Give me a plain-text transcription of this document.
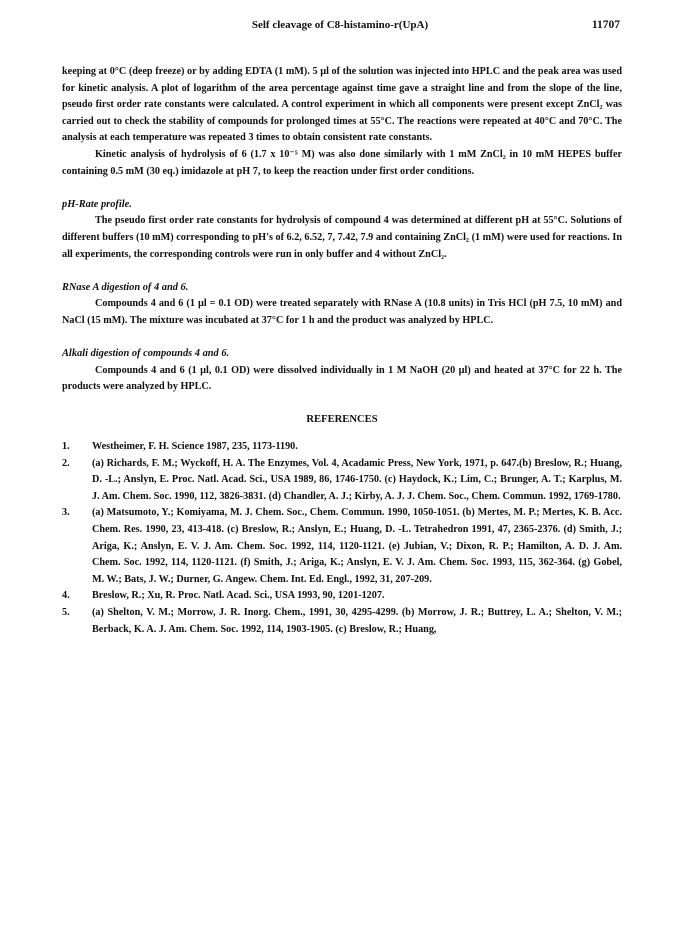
Self cleavage of C8-histamino-r(UpA)	11707

keeping at 0°C (deep freeze) or by adding EDTA (1 mM). 5 µl of the solution was injected into HPLC and the peak area was used for kinetic analysis. A plot of logarithm of the area percentage against time gave a straight line and from the slope of the line, pseudo first order rate constants were calculated. A control experiment in which all components were present except ZnCl₂ was carried out to check the stability of compounds for prolonged times at 55°C. The reactions were repeated at 40°C and 70°C. The analysis at each temperature was repeated 3 times to obtain consistent rate constants.

Kinetic analysis of hydrolysis of 6 (1.7 x 10⁻⁵ M) was also done similarly with 1 mM ZnCl₂ in 10 mM HEPES buffer containing 0.5 mM (30 eq.) imidazole at pH 7, to keep the reaction under first order conditions.

pH-Rate profile.

The pseudo first order rate constants for hydrolysis of compound 4 was determined at different pH at 55°C. Solutions of different buffers (10 mM) corresponding to pH's of 6.2, 6.52, 7, 7.42, 7.9 and containing ZnCl₂ (1 mM) were used for reactions. In all experiments, the corresponding controls were run in only buffer and 4 without ZnCl₂.

RNase A digestion of 4 and 6.

Compounds 4 and 6 (1 µl = 0.1 OD) were treated separately with RNase A (10.8 units) in Tris HCl (pH 7.5, 10 mM) and NaCl (15 mM). The mixture was incubated at 37°C for 1 h and the product was analyzed by HPLC.

Alkali digestion of compounds 4 and 6.

Compounds 4 and 6 (1 µl, 0.1 OD) were dissolved individually in 1 M NaOH (20 µl) and heated at 37°C for 22 h. The products were analyzed by HPLC.

REFERENCES
1. Westheimer, F. H. Science 1987, 235, 1173-1190.
2. (a) Richards, F. M.; Wyckoff, H. A. The Enzymes, Vol. 4, Acadamic Press, New York, 1971, p. 647.(b) Breslow, R.; Huang, D. -L.; Anslyn, E. Proc. Natl. Acad. Sci., USA 1989, 86, 1746-1750. (c) Haydock, K.; Lim, C.; Brunger, A. T.; Karplus, M. J. Am. Chem. Soc. 1990, 112, 3826-3831. (d) Chandler, A. J.; Kirby, A. J. J. Chem. Soc., Chem. Commun. 1992, 1769-1780.
3. (a) Matsumoto, Y.; Komiyama, M. J. Chem. Soc., Chem. Commun. 1990, 1050-1051. (b) Mertes, M. P.; Mertes, K. B. Acc. Chem. Res. 1990, 23, 413-418. (c) Breslow, R.; Anslyn, E.; Huang, D. -L. Tetrahedron 1991, 47, 2365-2376. (d) Smith, J.; Ariga, K.; Anslyn, E. V. J. Am. Chem. Soc. 1992, 114, 1120-1121. (e) Jubian, V.; Dixon, R. P.; Hamilton, A. D. J. Am. Chem. Soc. 1992, 114, 1120-1121. (f) Smith, J.; Ariga, K.; Anslyn, E. V. J. Am. Chem. Soc. 1993, 115, 362-364. (g) Gobel, M. W.; Bats, J. W.; Durner, G. Angew. Chem. Int. Ed. Engl., 1992, 31, 207-209.
4. Breslow, R.; Xu, R. Proc. Natl. Acad. Sci., USA 1993, 90, 1201-1207.
5. (a) Shelton, V. M.; Morrow, J. R. Inorg. Chem., 1991, 30, 4295-4299. (b) Morrow, J. R.; Buttrey, L. A.; Shelton, V. M.; Berback, K. A. J. Am. Chem. Soc. 1992, 114, 1903-1905. (c) Breslow, R.; Huang,
